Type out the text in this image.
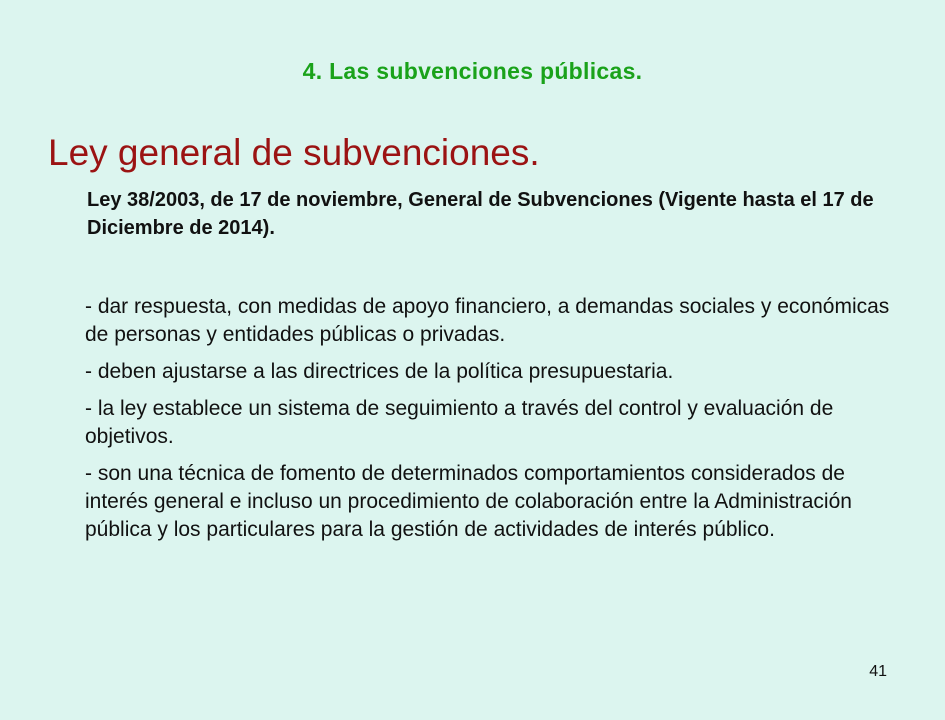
4. Las subvenciones públicas.
Ley general de subvenciones.
Ley 38/2003, de 17 de noviembre, General de Subvenciones (Vigente hasta el 17 de Diciembre de 2014).
- dar respuesta, con medidas de apoyo financiero, a demandas sociales y económicas de personas y entidades públicas o privadas.
- deben ajustarse a las directrices de la política presupuestaria.
- la ley establece un sistema de seguimiento a través del control y evaluación de objetivos.
- son una técnica de fomento de determinados comportamientos considerados de interés general e incluso un procedimiento de colaboración entre la Administración pública y los particulares para la gestión de actividades de interés público.
41
